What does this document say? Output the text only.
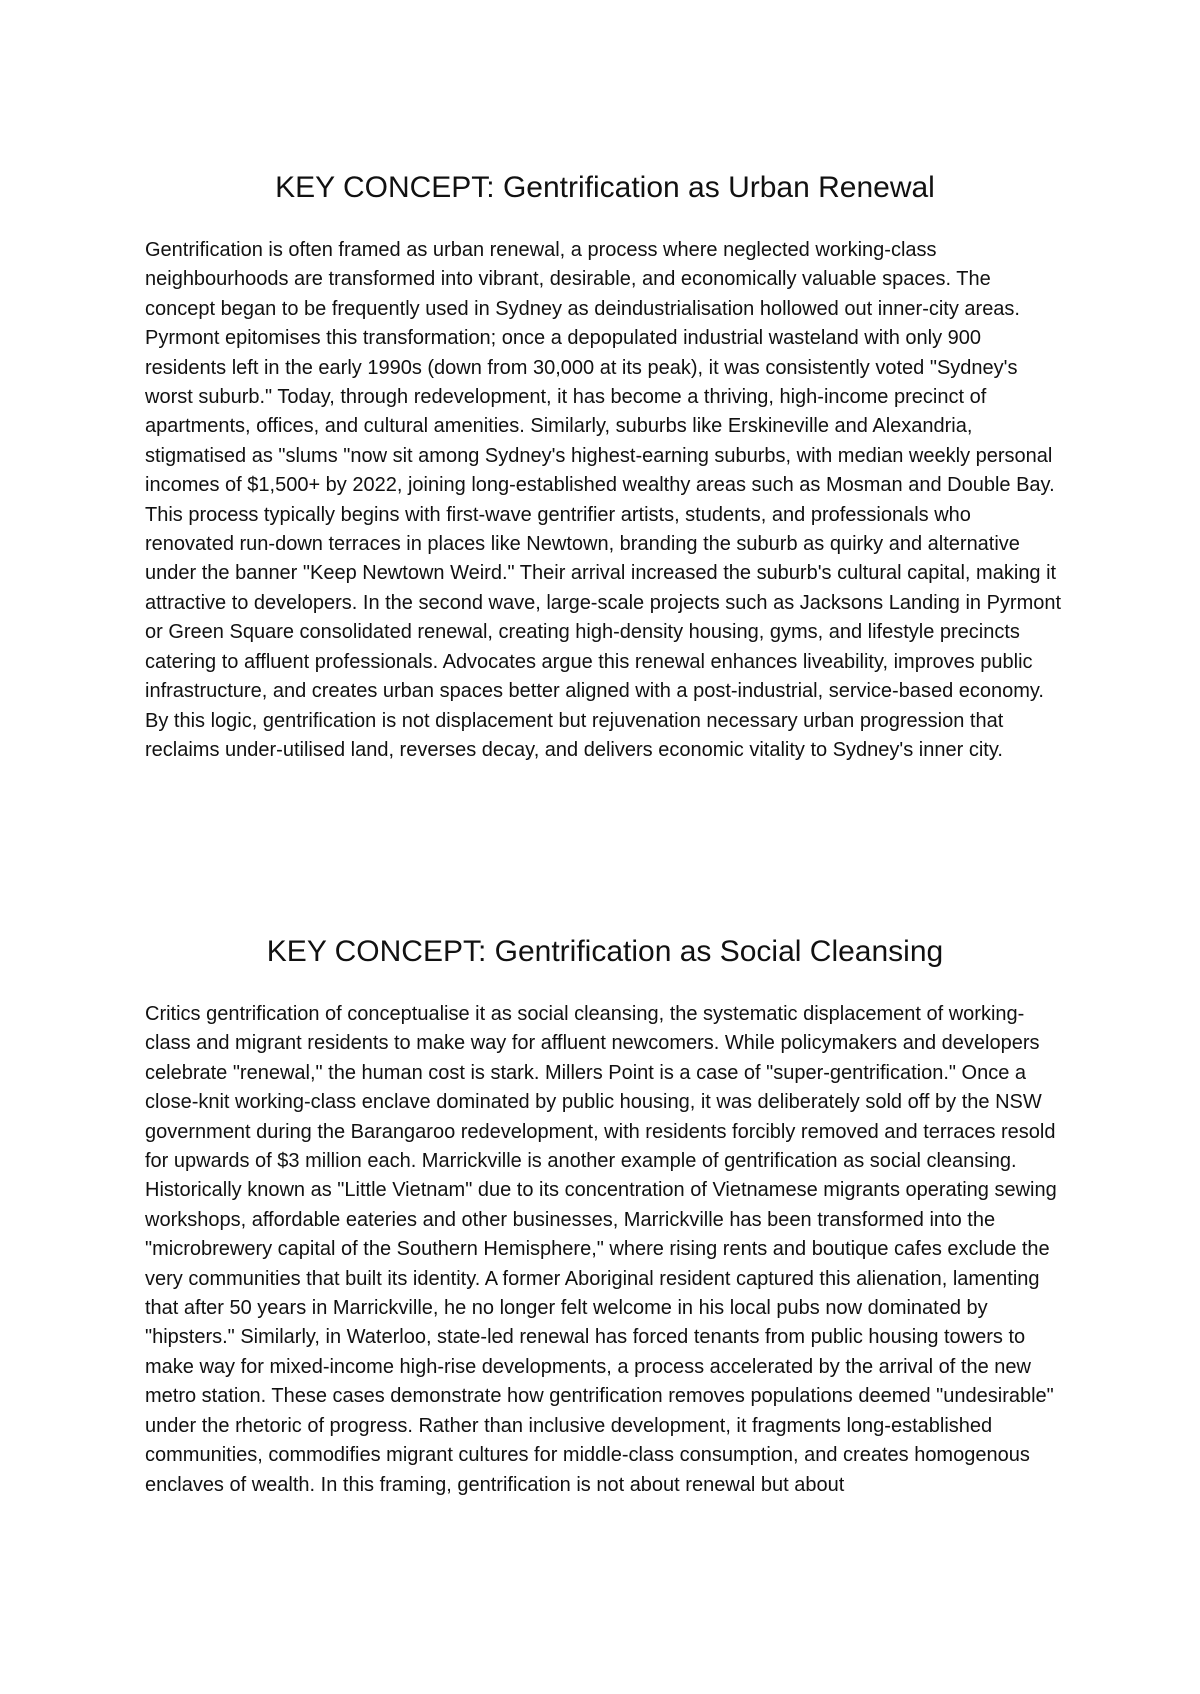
KEY CONCEPT: Gentrification as Urban Renewal

Gentrification is often framed as urban renewal, a process where neglected working-class neighbourhoods are transformed into vibrant, desirable, and economically valuable spaces. The concept began to be frequently used in Sydney as deindustrialisation hollowed out inner-city areas. Pyrmont epitomises this transformation; once a depopulated industrial wasteland with only 900 residents left in the early 1990s (down from 30,000 at its peak), it was consistently voted "Sydney's worst suburb." Today, through redevelopment, it has become a thriving, high-income precinct of apartments, offices, and cultural amenities. Similarly, suburbs like Erskineville and Alexandria, stigmatised as "slums "now sit among Sydney's highest-earning suburbs, with median weekly personal incomes of $1,500+ by 2022, joining long-established wealthy areas such as Mosman and Double Bay. This process typically begins with first-wave gentrifier artists, students, and professionals who renovated run-down terraces in places like Newtown, branding the suburb as quirky and alternative under the banner "Keep Newtown Weird." Their arrival increased the suburb's cultural capital, making it attractive to developers. In the second wave, large-scale projects such as Jacksons Landing in Pyrmont or Green Square consolidated renewal, creating high-density housing, gyms, and lifestyle precincts catering to affluent professionals. Advocates argue this renewal enhances liveability, improves public infrastructure, and creates urban spaces better aligned with a post-industrial, service-based economy. By this logic, gentrification is not displacement but rejuvenation necessary urban progression that reclaims under-utilised land, reverses decay, and delivers economic vitality to Sydney's inner city.

KEY CONCEPT: Gentrification as Social Cleansing

Critics gentrification of conceptualise it as social cleansing, the systematic displacement of working-class and migrant residents to make way for affluent newcomers. While policymakers and developers celebrate "renewal," the human cost is stark. Millers Point is a case of "super-gentrification." Once a close-knit working-class enclave dominated by public housing, it was deliberately sold off by the NSW government during the Barangaroo redevelopment, with residents forcibly removed and terraces resold for upwards of $3 million each. Marrickville is another example of gentrification as social cleansing. Historically known as "Little Vietnam" due to its concentration of Vietnamese migrants operating sewing workshops, affordable eateries and other businesses, Marrickville has been transformed into the "microbrewery capital of the Southern Hemisphere," where rising rents and boutique cafes exclude the very communities that built its identity. A former Aboriginal resident captured this alienation, lamenting that after 50 years in Marrickville, he no longer felt welcome in his local pubs now dominated by "hipsters." Similarly, in Waterloo, state-led renewal has forced tenants from public housing towers to make way for mixed-income high-rise developments, a process accelerated by the arrival of the new metro station. These cases demonstrate how gentrification removes populations deemed "undesirable" under the rhetoric of progress. Rather than inclusive development, it fragments long-established communities, commodifies migrant cultures for middle-class consumption, and creates homogenous enclaves of wealth. In this framing, gentrification is not about renewal but about
